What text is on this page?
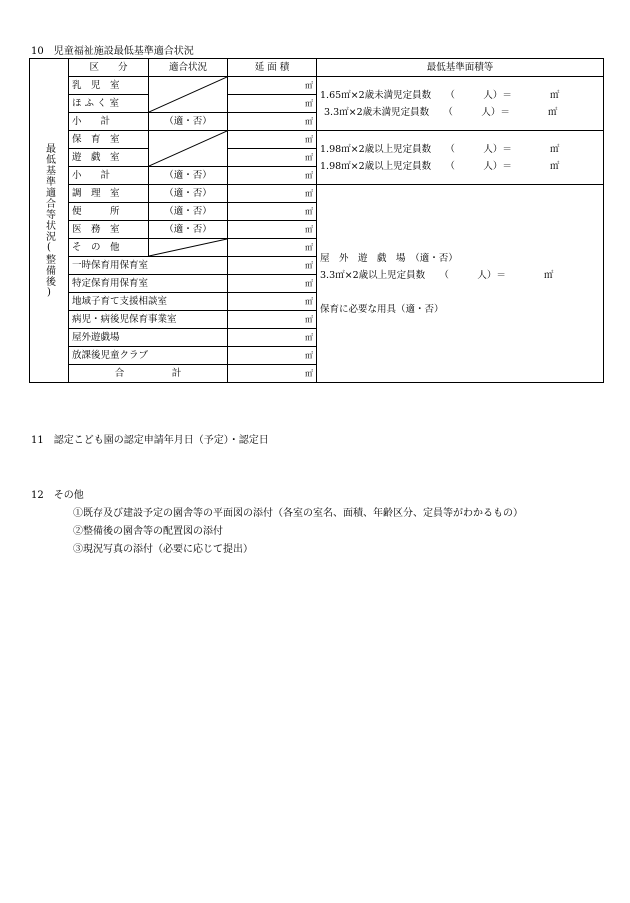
10　児童福祉施設最低基準適合状況
最低基準適合等状況(整備後)	区　　分	適合状況	延 面 積	最低基準面積等
	乳　児　室		㎡	1.65㎡×2歳未満児定員数　　（　　　人）＝　　　　㎡
3.3㎡×2歳未満児定員数　　（　　　人）＝　　　　㎡

	ほ ふ く 室		㎡	
	小　　計	（適・否）	㎡	
	保　育　室		㎡	1.98㎡×2歳以上児定員数　　（　　　人）＝　　　　㎡
1.98㎡×2歳以上児定員数　　（　　　人）＝　　　　㎡

	遊　戯　室		㎡	
	小　　計	（適・否）	㎡	
	調　理　室	（適・否）	㎡	屋　外　遊　戯　場　（適・否）
3.3㎡×2歳以上児定員数　　（　　　人）＝　　　　㎡
保育に必要な用具（適・否）

	便　　　所	（適・否）	㎡	
	医　務　室	（適・否）	㎡	
	そ　の　他		㎡	
	一時保育用保育室		㎡	
	特定保育用保育室		㎡	
	地域子育て支援相談室		㎡	
	病児・病後児保育事業室		㎡	
	屋外遊戯場		㎡	
	放課後児童クラブ		㎡	
	合　　　　　計		㎡	
11　認定こども園の認定申請年月日（予定）・認定日
12　その他
①既存及び建設予定の園舎等の平面図の添付（各室の室名、面積、年齢区分、定員等がわかるもの）
②整備後の園舎等の配置図の添付
③現況写真の添付（必要に応じて提出）
